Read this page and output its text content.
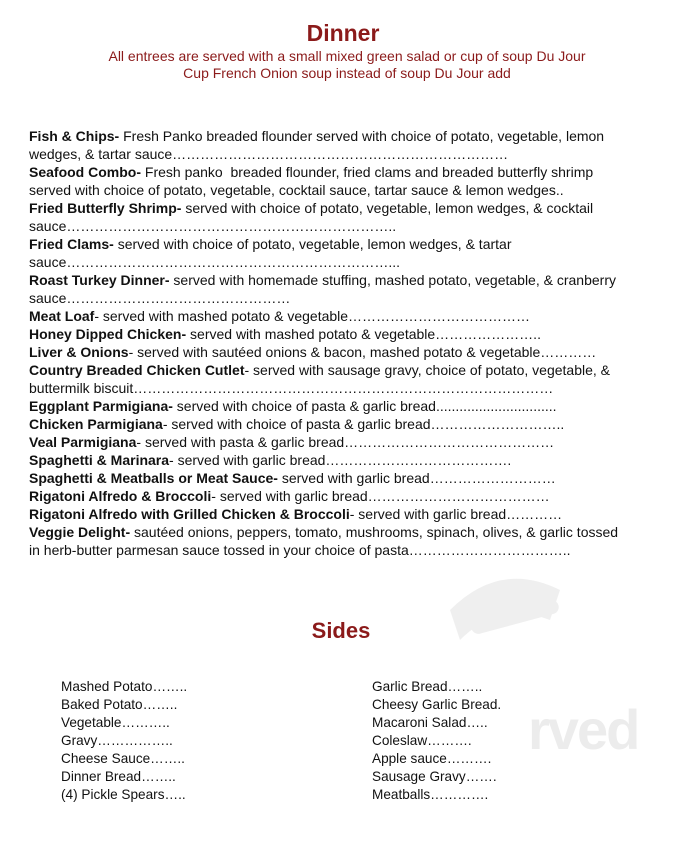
rved
Dinner
All entrees are served with a small mixed green salad or cup of soup Du Jour
Cup French Onion soup instead of soup Du Jour add
Fish & Chips- Fresh Panko breaded flounder served with choice of potato, vegetable, lemon
wedges, & tartar sauce………………………………………………………………
Seafood Combo- Fresh panko  breaded flounder, fried clams and breaded butterfly shrimp
served with choice of potato, vegetable, cocktail sauce, tartar sauce & lemon wedges..
Fried Butterfly Shrimp- served with choice of potato, vegetable, lemon wedges, & cocktail
sauce……………………………………………………………..
Fried Clams- served with choice of potato, vegetable, lemon wedges, & tartar
sauce……………………………………………………………...
Roast Turkey Dinner- served with homemade stuffing, mashed potato, vegetable, & cranberry
sauce…………………………………………
Meat Loaf- served with mashed potato & vegetable…………………………………
Honey Dipped Chicken- served with mashed potato & vegetable…………………..
Liver & Onions- served with sautéed onions & bacon, mashed potato & vegetable…………
Country Breaded Chicken Cutlet- served with sausage gravy, choice of potato, vegetable, &
buttermilk biscuit………………………………………………………………………………
Eggplant Parmigiana- served with choice of pasta & garlic bread...............................
Chicken Parmigiana- served with choice of pasta & garlic bread………………………..
Veal Parmigiana- served with pasta & garlic bread………………………………………
Spaghetti & Marinara- served with garlic bread………………………………….
Spaghetti & Meatballs or Meat Sauce- served with garlic bread………………………
Rigatoni Alfredo & Broccoli- served with garlic bread…………………………………
Rigatoni Alfredo with Grilled Chicken & Broccoli- served with garlic bread…………
Veggie Delight- sautéed onions, peppers, tomato, mushrooms, spinach, olives, & garlic tossed
in herb-butter parmesan sauce tossed in your choice of pasta……………………………..
Sides
Mashed Potato……..
Baked Potato……..
Vegetable………..
Gravy……………..
Cheese Sauce……..
Dinner Bread……..
(4) Pickle Spears…..
Garlic Bread……..
Cheesy Garlic Bread.
Macaroni Salad…..
Coleslaw……….
Apple sauce……….
Sausage Gravy…….
Meatballs………….
